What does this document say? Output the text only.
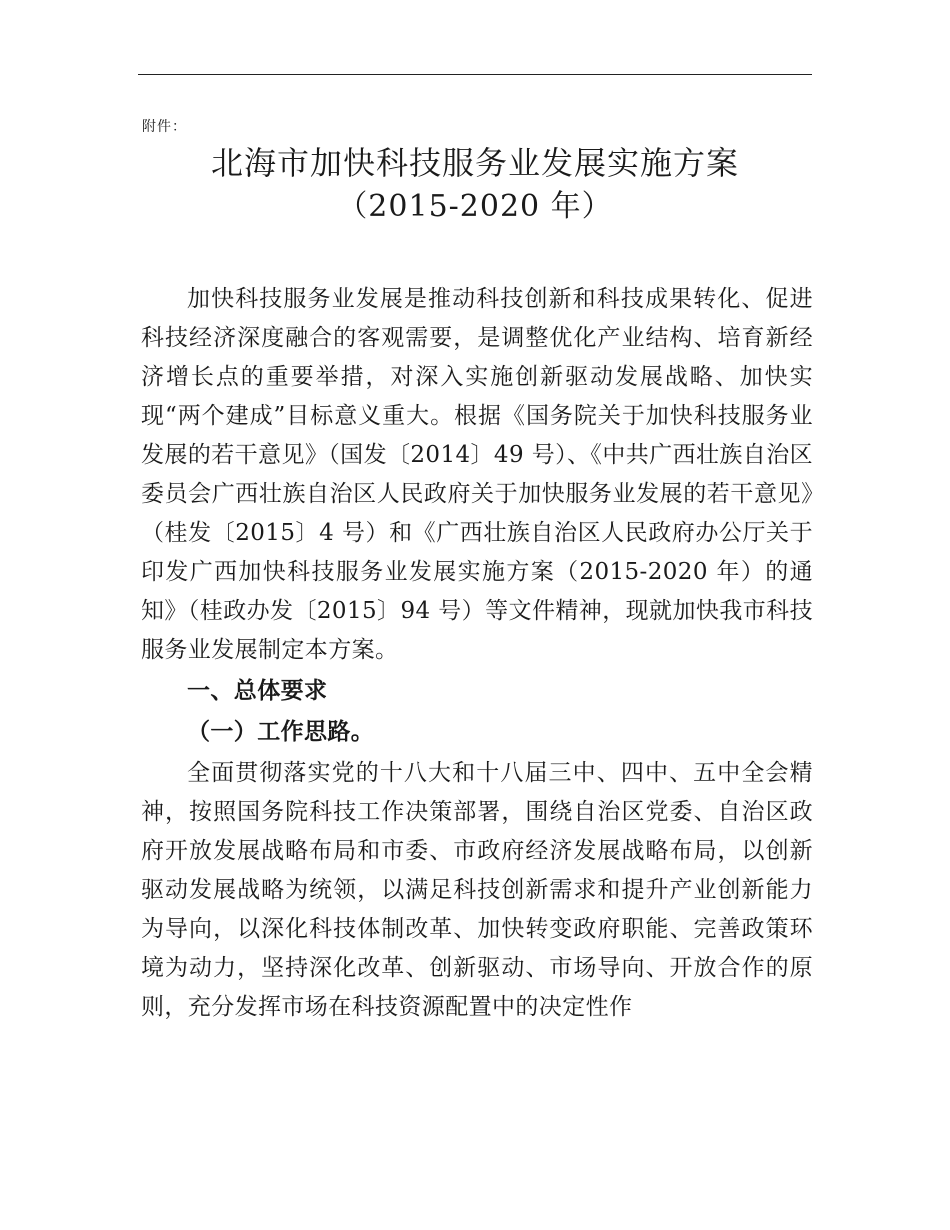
附件：
北海市加快科技服务业发展实施方案
（2015-2020 年）

加快科技服务业发展是推动科技创新和科技成果转化、促进科技经济深度融合的客观需要，是调整优化产业结构、培育新经济增长点的重要举措，对深入实施创新驱动发展战略、加快实现“两个建成”目标意义重大。根据《国务院关于加快科技服务业发展的若干意见》（国发〔2014〕49 号）、《中共广西壮族自治区委员会广西壮族自治区人民政府关于加快服务业发展的若干意见》（桂发〔2015〕4 号）和《广西壮族自治区人民政府办公厅关于印发广西加快科技服务业发展实施方案（2015-2020 年）的通知》（桂政办发〔2015〕94 号）等文件精神，现就加快我市科技服务业发展制定本方案。

一、总体要求

（一）工作思路。

全面贯彻落实党的十八大和十八届三中、四中、五中全会精神，按照国务院科技工作决策部署，围绕自治区党委、自治区政府开放发展战略布局和市委、市政府经济发展战略布局，以创新驱动发展战略为统领，以满足科技创新需求和提升产业创新能力为导向，以深化科技体制改革、加快转变政府职能、完善政策环境为动力，坚持深化改革、创新驱动、市场导向、开放合作的原则，充分发挥市场在科技资源配置中的决定性作
